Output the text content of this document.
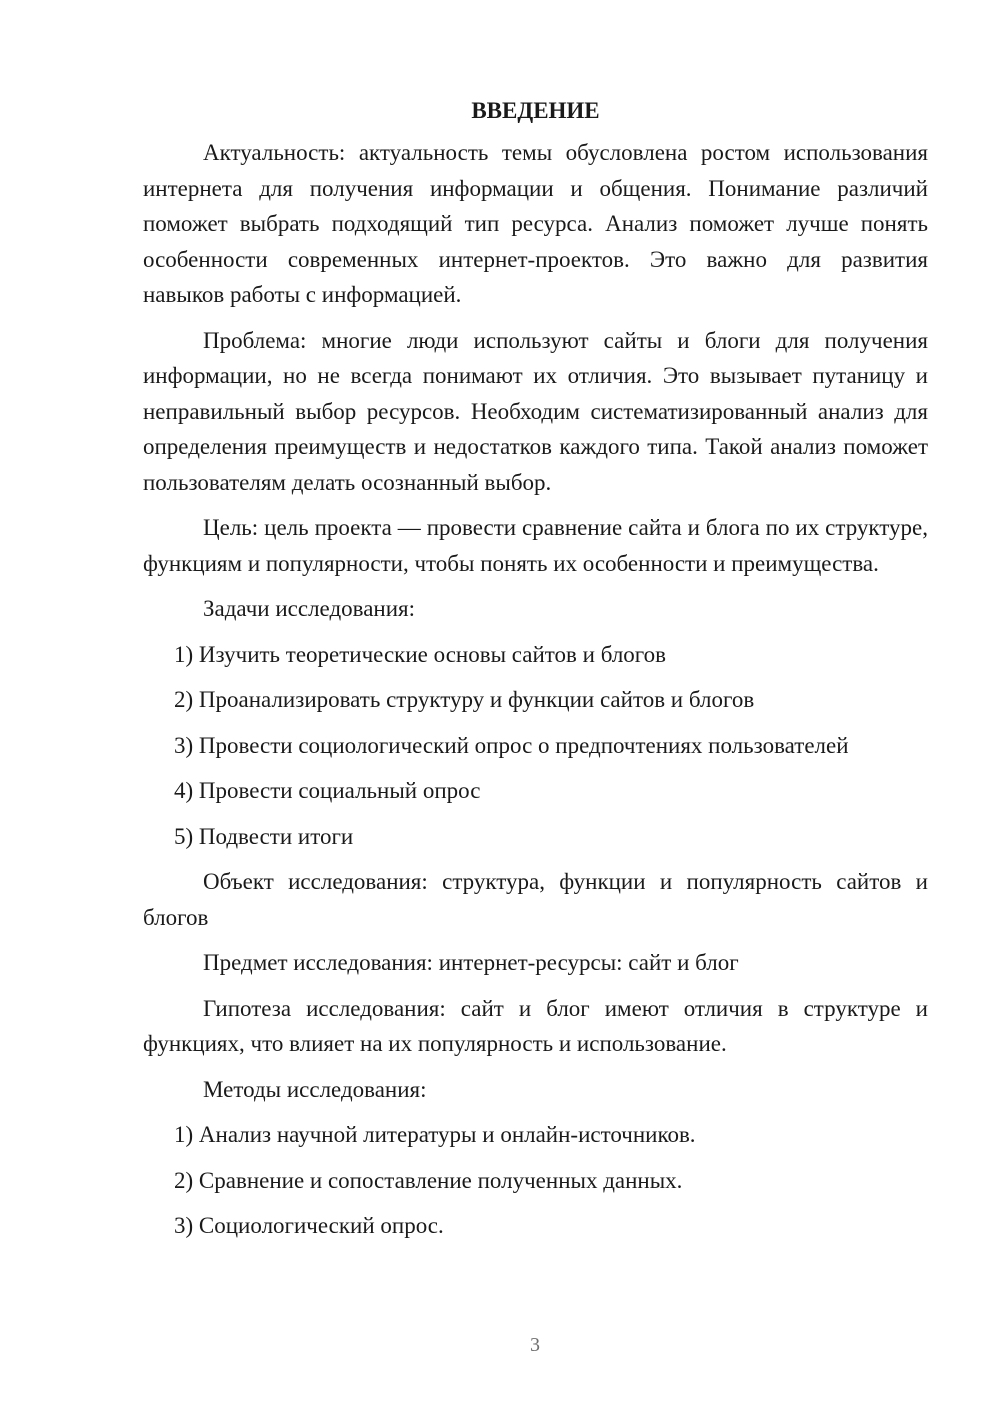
ВВЕДЕНИЕ

Актуальность: актуальность темы обусловлена ростом использования интернета для получения информации и общения. Понимание различий поможет выбрать подходящий тип ресурса. Анализ поможет лучше понять особенности современных интернет-проектов. Это важно для развития навыков работы с информацией.

Проблема: многие люди используют сайты и блоги для получения информации, но не всегда понимают их отличия. Это вызывает путаницу и неправильный выбор ресурсов. Необходим систематизированный анализ для определения преимуществ и недостатков каждого типа. Такой анализ поможет пользователям делать осознанный выбор.

Цель: цель проекта — провести сравнение сайта и блога по их структуре, функциям и популярности, чтобы понять их особенности и преимущества.

Задачи исследования:

1) Изучить теоретические основы сайтов и блогов
2) Проанализировать структуру и функции сайтов и блогов
3) Провести социологический опрос о предпочтениях пользователей
4) Провести социальный опрос
5) Подвести итоги

Объект исследования: структура, функции и популярность сайтов и блогов

Предмет исследования: интернет-ресурсы: сайт и блог

Гипотеза исследования: сайт и блог имеют отличия в структуре и функциях, что влияет на их популярность и использование.

Методы исследования:

1) Анализ научной литературы и онлайн-источников.
2) Сравнение и сопоставление полученных данных.
3) Социологический опрос.
3
